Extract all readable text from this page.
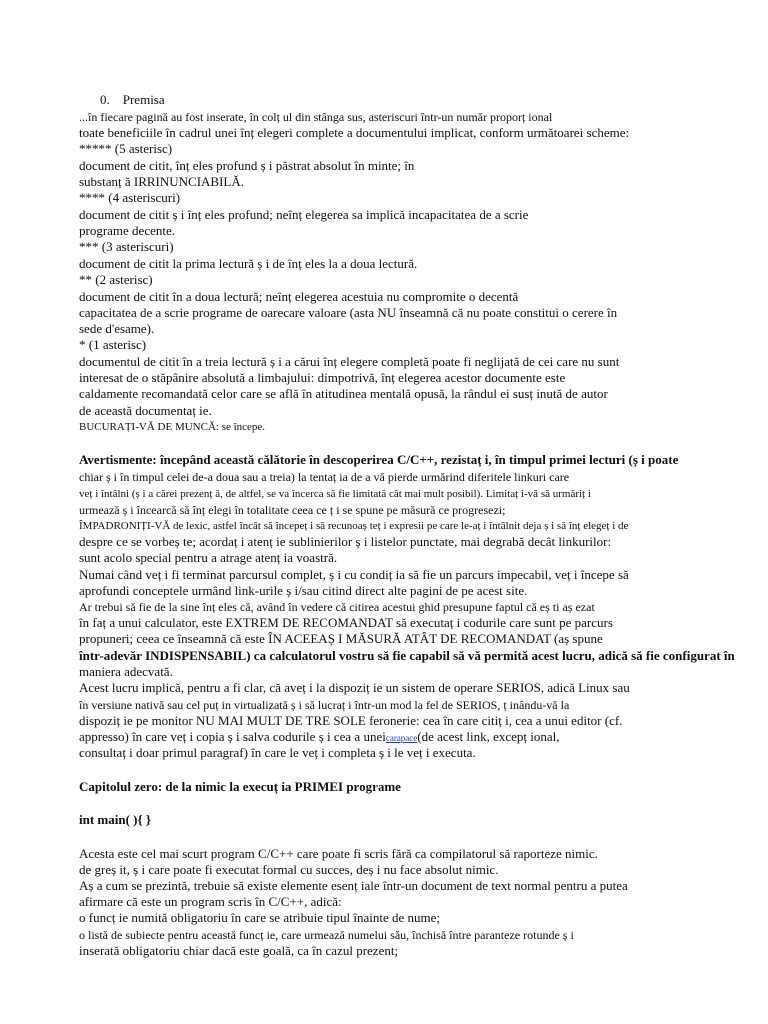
0. Premisa
...în fiecare pagină au fost inserate, în colț ul din stânga sus, asteriscuri într-un număr proporț ional
toate beneficiile în cadrul unei înț elegeri complete a documentului implicat, conform următoarei scheme:
***** (5 asterisc)
document de citit, înț eles profund ș i păstrat absolut în minte; în
substanț ă IRRINUNCIABILĂ.
**** (4 asteriscuri)
document de citit ș i înț eles profund; neînț elegerea sa implică incapacitatea de a scrie
programe decente.
*** (3 asteriscuri)
document de citit la prima lectură ș i de înț eles la a doua lectură.
** (2 asterisc)
document de citit în a doua lectură; neînț elegerea acestuia nu compromite o decentă
capacitatea de a scrie programe de oarecare valoare (asta NU înseamnă că nu poate constitui o cerere în
sede d'esame).
* (1 asterisc)
documentul de citit în a treia lectură ș i a cărui înț elegere completă poate fi neglijată de cei care nu sunt
interesat de o stăpânire absolută a limbajului: dimpotrivă, înț elegerea acestor documente este
caldamente recomandată celor care se află în atitudinea mentală opusă, la rândul ei susț inută de autor
de această documentaț ie.
BUCURAȚI-VĂ DE MUNCĂ: se începe.
Avertismente: începând această călătorie în descoperirea C/C++, rezistaț i, în timpul primei lecturi (ș i poate
chiar ș i în timpul celei de-a doua sau a treia) la tentaț ia de a vă pierde urmărind diferitele linkuri care
veț i întâlni (ș i a cărei prezenț ă, de altfel, se va încerca să fie limitată cât mai mult posibil). Limitaț i-vă să urmăriț i
urmează ș i încearcă să înț elegi în totalitate ceea ce ț i se spune pe măsură ce progresezi;
ÎMPADRONIȚI-VĂ de lexic, astfel încât să începeț i să recunoaș teț i expresii pe care le-aț i întâlnit deja ș i să înț elegeț i de
despre ce se vorbeș te; acordaț i atenț ie sublinierilor ș i listelor punctate, mai degrabă decât linkurilor:
sunt acolo special pentru a atrage atenț ia voastră.
Numai când veț i fi terminat parcursul complet, ș i cu condiț ia să fie un parcurs impecabil, veț i începe să
aprofundi conceptele urmând link-urile ș i/sau citind direct alte pagini de pe acest site.
Ar trebui să fie de la sine înț eles că, având în vedere că citirea acestui ghid presupune faptul că eș ti aș ezat
în faț a unui calculator, este EXTREM DE RECOMANDAT să executaț i codurile care sunt pe parcurs
propuneri; ceea ce înseamnă că este ÎN ACEEAȘ I MĂSURĂ ATÂT DE RECOMANDAT (aș spune
într-adevăr INDISPENSABIL) ca calculatorul vostru să fie capabil să vă permită acest lucru, adică să fie configurat în
maniera adecvată.
Acest lucru implică, pentru a fi clar, că aveț i la dispoziț ie un sistem de operare SERIOS, adică Linux sau
în versiune nativă sau cel puț in virtualizată ș i să lucraț i într-un mod la fel de SERIOS, ț inându-vă la
dispoziț ie pe monitor NU MAI MULT DE TRE SOLE feronerie: cea în care citiț i, cea a unui editor (cf.
appresso) în care veț i copia ș i salva codurile ș i cea a uneicarapace(de acest link, excepț ional,
consultaț i doar primul paragraf) în care le veț i completa ș i le veț i executa.
Capitolul zero: de la nimic la execuț ia PRIMEI programe
int main( ){ }
Acesta este cel mai scurt program C/C++ care poate fi scris fără ca compilatorul să raporteze nimic.
de greș it, ș i care poate fi executat formal cu succes, deș i nu face absolut nimic.
Aș a cum se prezintă, trebuie să existe elemente esenț iale într-un document de text normal pentru a putea
afirmare că este un program scris în C/C++, adică:
o funcț ie numită obligatoriu în care se atribuie tipul înainte de nume;
o listă de subiecte pentru această funcț ie, care urmează numelui său, închisă între paranteze rotunde ș i
inserată obligatoriu chiar dacă este goală, ca în cazul prezent;
